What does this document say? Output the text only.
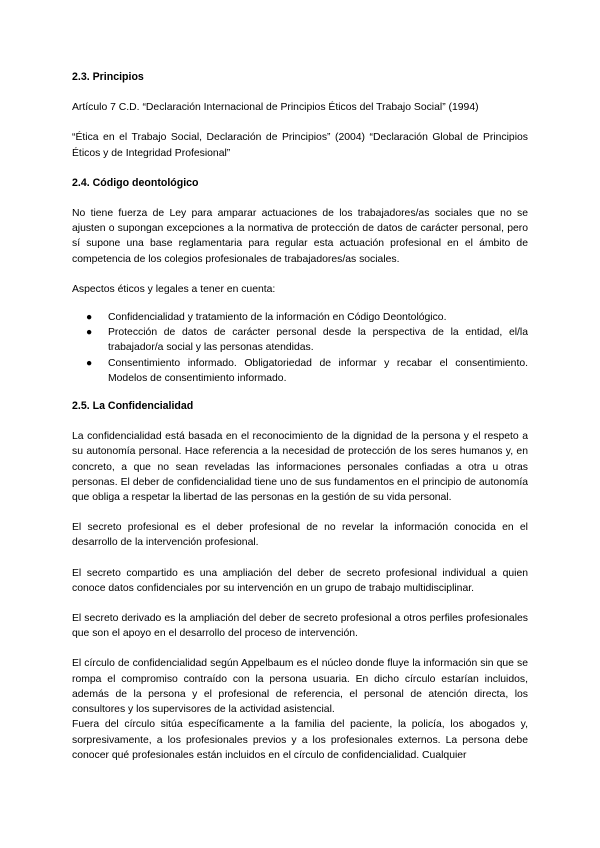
2.3. Principios

Artículo 7 C.D. “Declaración Internacional de Principios Éticos del Trabajo Social” (1994)

“Ética en el Trabajo Social, Declaración de Principios” (2004) “Declaración Global de Principios Éticos y de Integridad Profesional”

2.4. Código deontológico

No tiene fuerza de Ley para amparar actuaciones de los trabajadores/as sociales que no se ajusten o supongan excepciones a la normativa de protección de datos de carácter personal, pero sí supone una base reglamentaria para regular esta actuación profesional en el ámbito de competencia de los colegios profesionales de trabajadores/as sociales.

Aspectos éticos y legales a tener en cuenta:

● Confidencialidad y tratamiento de la información en Código Deontológico.
● Protección de datos de carácter personal desde la perspectiva de la entidad, el/la trabajador/a social y las personas atendidas.
● Consentimiento informado. Obligatoriedad de informar y recabar el consentimiento. Modelos de consentimiento informado.
2.5. La Confidencialidad

La confidencialidad está basada en el reconocimiento de la dignidad de la persona y el respeto a su autonomía personal. Hace referencia a la necesidad de protección de los seres humanos y, en concreto, a que no sean reveladas las informaciones personales confiadas a otra u otras personas. El deber de confidencialidad tiene uno de sus fundamentos en el principio de autonomía que obliga a respetar la libertad de las personas en la gestión de su vida personal.

El secreto profesional es el deber profesional de no revelar la información conocida en el desarrollo de la intervención profesional.

El secreto compartido es una ampliación del deber de secreto profesional individual a quien conoce datos confidenciales por su intervención en un grupo de trabajo multidisciplinar.

El secreto derivado es la ampliación del deber de secreto profesional a otros perfiles profesionales que son el apoyo en el desarrollo del proceso de intervención.

El círculo de confidencialidad según Appelbaum es el núcleo donde fluye la información sin que se rompa el compromiso contraído con la persona usuaria. En dicho círculo estarían incluidos, además de la persona y el profesional de referencia, el personal de atención directa, los consultores y los supervisores de la actividad asistencial.

Fuera del círculo sitúa específicamente a la familia del paciente, la policía, los abogados y, sorpresivamente, a los profesionales previos y a los profesionales externos. La persona debe conocer qué profesionales están incluidos en el círculo de confidencialidad. Cualquier
